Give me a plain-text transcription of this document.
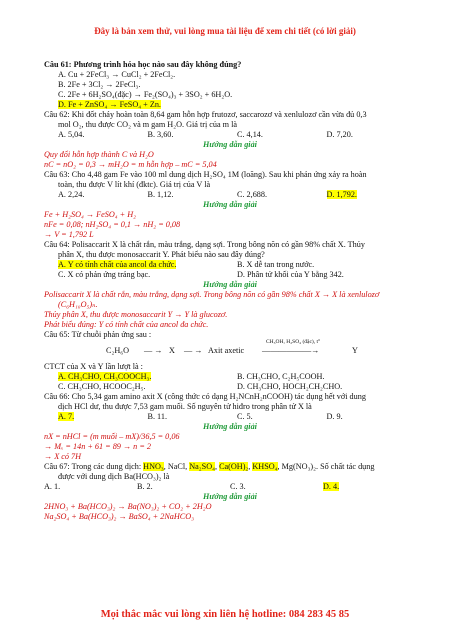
Đây là bản xem thử, vui lòng mua tài liệu để xem chi tiết (có lời giải)

Câu 61: Phương trình hóa học nào sau đây không đúng?

A. Cu + 2FeCl₃ → CuCl₂ + 2FeCl₂.

B. 2Fe + 3Cl₂ → 2FeCl₃.

C. 2Fe + 6H₂SO₄(đặc) → Fe₂(SO₄)₃ + 3SO₂ + 6H₂O.

D. Fe + ZnSO₄ → FeSO₄ + Zn.

Câu 62: Khi đốt cháy hoàn toàn 8,64 gam hỗn hợp frutozơ, saccarozơ và xenlulozơ cần vừa đủ 0,3

mol O₂, thu được CO₂ và m gam H₂O. Giá trị của m là

A. 5,04.	B. 3,60.	C. 4,14.	D. 7,20.

Hướng dẫn giải

Quy đổi hỗn hợp thành C và H₂O

nC = nO₂ = 0,3 → mH₂O = m hỗn hợp – mC = 5,04

Câu 63: Cho 4,48 gam Fe vào 100 ml dung dịch H₂SO₄ 1M (loãng). Sau khi phản ứng xảy ra hoàn

toàn, thu được V lít khí (đktc). Giá trị của V là

A. 2,24.	B. 1,12.	C. 2,688.	D. 1,792.

Hướng dẫn giải

Fe + H₂SO₄ → FeSO₄ + H₂

nFe = 0,08; nH₂SO₄ = 0,1 → nH₂ = 0,08

→ V = 1,792 L

Câu 64: Polisaccarit X là chất rắn, màu trắng, dạng sợi. Trong bông nõn có gần 98% chất X. Thủy

phân X, thu được monosaccarit Y. Phát biểu nào sau đây đúng?

A. Y có tính chất của ancol đa chức.	B. X dễ tan trong nước.
C. X có phản ứng tráng bạc.	D. Phân tử khối của Y bằng 342.

Hướng dẫn giải

Polisaccarit X là chất rắn, màu trắng, dạng sợi. Trong bông nõn có gần 98% chất X → X là xenlulozơ

(C₆H₁₀O₅)ₙ.

Thủy phân X, thu được monosaccarit Y → Y là glucozơ.

Phát biểu đúng: Y có tính chất của ancol đa chức.

Câu 65: Từ chuỗi phản ứng sau :

C₂H₆O — → X — → Axit axetic
CH₃OH, H₂SO₄ (đặc), t°
——————→	Y

CTCT của X và Y lần lượt là :

A. CH₃CHO, CH₃COOCH₃.	B. CH₃CHO, C₂H₅COOH.
C. CH₃CHO, HCOOC₂H₅.	D. CH₃CHO, HOCH₂CH₂CHO.

Câu 66: Cho 5,34 gam amino axit X (công thức có dạng H₂NCnH₂nCOOH) tác dụng hết với dung

dịch HCl dư, thu được 7,53 gam muối. Số nguyên tử hiđro trong phân tử X là

A. 7.	B. 11.	C. 5.	D. 9.

Hướng dẫn giải

nX = nHCl = (m muối – mX)/36,5 = 0,06

→ Mₓ = 14n + 61 = 89 → n = 2

→ X có 7H

Câu 67: Trong các dung dịch: HNO₃, NaCl, Na₂SO₄, Ca(OH)₂, KHSO₄, Mg(NO₃)₂. Số chất tác dụng

được với dung dịch Ba(HCO₃)₂ là

A. 1.	B. 2.	C. 3.	D. 4.

Hướng dẫn giải

2HNO₃ + Ba(HCO₃)₂ → Ba(NO₃)₂ + CO₂ + 2H₂O

Na₂SO₄ + Ba(HCO₃)₂ → BaSO₄ + 2NaHCO₃

Mọi thắc mắc vui lòng xin liên hệ hotline: 084 283 45 85
